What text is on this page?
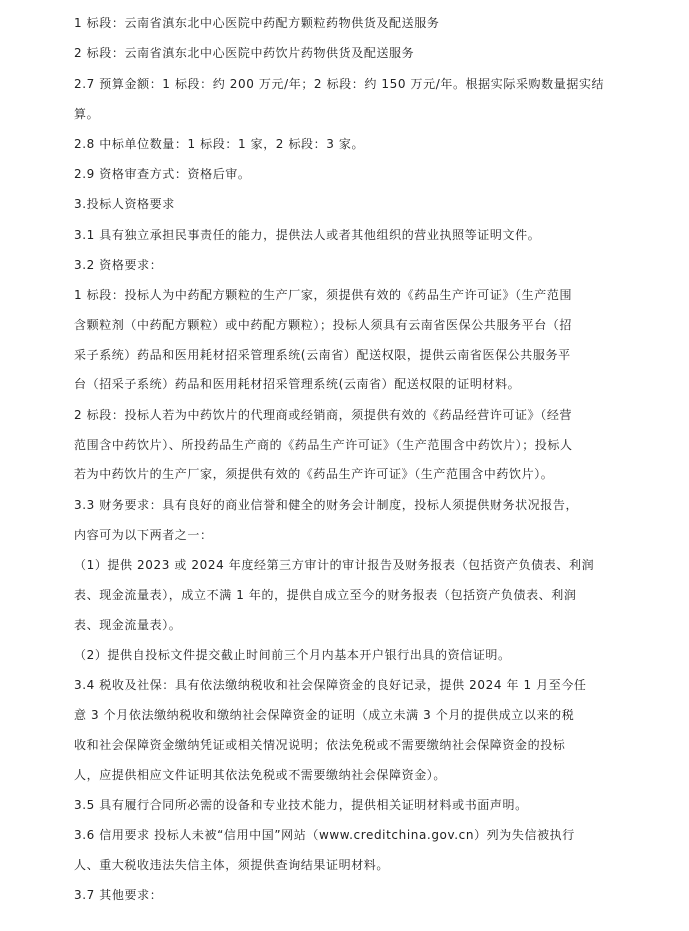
1 标段：云南省滇东北中心医院中药配方颗粒药物供货及配送服务
2 标段：云南省滇东北中心医院中药饮片药物供货及配送服务
2.7 预算金额：1 标段：约 200 万元/年；2 标段：约 150 万元/年。根据实际采购数量据实结
算。
2.8 中标单位数量：1 标段：1 家，2 标段：3 家。
2.9 资格审查方式：资格后审。
3.投标人资格要求
3.1 具有独立承担民事责任的能力，提供法人或者其他组织的营业执照等证明文件。
3.2 资格要求：
1 标段：投标人为中药配方颗粒的生产厂家，须提供有效的《药品生产许可证》（生产范围
含颗粒剂（中药配方颗粒）或中药配方颗粒）；投标人须具有云南省医保公共服务平台（招
采子系统）药品和医用耗材招采管理系统(云南省）配送权限，提供云南省医保公共服务平
台（招采子系统）药品和医用耗材招采管理系统(云南省）配送权限的证明材料。
2 标段：投标人若为中药饮片的代理商或经销商，须提供有效的《药品经营许可证》（经营
范围含中药饮片）、所投药品生产商的《药品生产许可证》（生产范围含中药饮片）；投标人
若为中药饮片的生产厂家，须提供有效的《药品生产许可证》（生产范围含中药饮片）。
3.3 财务要求：具有良好的商业信誉和健全的财务会计制度，投标人须提供财务状况报告，
内容可为以下两者之一：
（1）提供 2023 或 2024 年度经第三方审计的审计报告及财务报表（包括资产负债表、利润
表、现金流量表），成立不满 1 年的，提供自成立至今的财务报表（包括资产负债表、利润
表、现金流量表）。
（2）提供自投标文件提交截止时间前三个月内基本开户银行出具的资信证明。
3.4 税收及社保：具有依法缴纳税收和社会保障资金的良好记录，提供 2024 年 1 月至今任
意 3 个月依法缴纳税收和缴纳社会保障资金的证明（成立未满 3 个月的提供成立以来的税
收和社会保障资金缴纳凭证或相关情况说明；依法免税或不需要缴纳社会保障资金的投标
人，应提供相应文件证明其依法免税或不需要缴纳社会保障资金）。
3.5 具有履行合同所必需的设备和专业技术能力，提供相关证明材料或书面声明。
3.6 信用要求 投标人未被“信用中国”网站（www.creditchina.gov.cn）列为失信被执行
人、重大税收违法失信主体，须提供查询结果证明材料。
3.7 其他要求：
